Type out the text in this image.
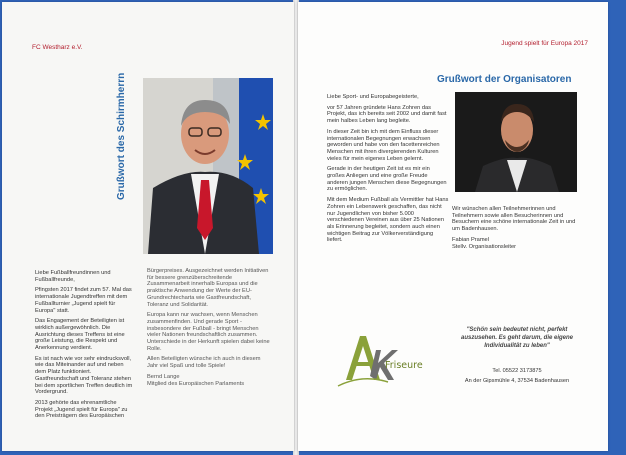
FC Westharz e.V.
Grußwort des Schirmherrn

Liebe Fußballfreundinnen und Fußballfreunde,

Pfingsten 2017 findet zum 57. Mal das internationale Jugendtreffen mit dem Fußballturnier „Jugend spielt für Europa" statt.

Das Engagement der Beteiligten ist wirklich außergewöhnlich. Die Ausrichtung dieses Treffens ist eine große Leistung, die Respekt und Anerkennung verdient.

Es ist nach wie vor sehr eindrucksvoll, wie das Miteinander auf und neben dem Platz funktioniert. Gastfreundschaft und Toleranz stehen bei dem sportlichen Treffen deutlich im Vordergrund.

2013 gehörte das ehrenamtliche Projekt „Jugend spielt für Europa" zu den Preisträgern des Europäischen

Bürgerpreises. Ausgezeichnet werden Initiativen für bessere grenzüberschreitende Zusammenarbeit innerhalb Europas und die praktische Anwendung der Werte der EU-Grundrechtecharta wie Gastfreundschaft, Toleranz und Solidarität.

Europa kann nur wachsen, wenn Menschen zusammenfinden. Und gerade Sport - insbesondere der Fußball - bringt Menschen vieler Nationen freundschaftlich zusammen. Unterschiede in der Herkunft spielen dabei keine Rolle.

Allen Beteiligten wünsche ich auch in diesem Jahr viel Spaß und tolle Spiele!

Bernd Lange

Mitglied des Europäischen Parlaments

Jugend spielt für Europa 2017
Grußwort der Organisatoren

Liebe Sport- und Europabegeisterte,

vor 57 Jahren gründete Hans Zohren das Projekt, das ich bereits seit 2002 und damit fast mein halbes Leben lang begleite.

In dieser Zeit bin ich mit dem Einfluss dieser internationalen Begegnungen erwachsen geworden und habe von den facettenreichen Menschen mit ihren divergierenden Kulturen vieles für mein eigenes Leben gelernt.

Gerade in der heutigen Zeit ist es mir ein großes Anliegen und eine große Freude anderen jungen Menschen diese Begegnungen zu ermöglichen.

Mit dem Medium Fußball als Vermittler hat Hans Zohren ein Lebenswerk geschaffen, das nicht nur Jugendlichen von bisher 5.000 verschiedenen Vereinen aus über 25 Nationen als Erinnerung begleitet, sondern auch einen wichtigen Beitrag zur Völkerverständigung liefert.

Wir wünschen allen Teilnehmerinnen und Teilnehmern sowie allen Besucherinnen und Besuchern eine schöne internationale Zeit in und um Badenhausen.

Fabian Pramel

Stellv. Organisationsleiter

Friseure
"Schön sein bedeutet nicht, perfekt auszusehen. Es geht darum, die eigene Individualität zu leben"
Tel. 05522 3173875
An der Gipsmühle 4, 37534 Badenhausen
